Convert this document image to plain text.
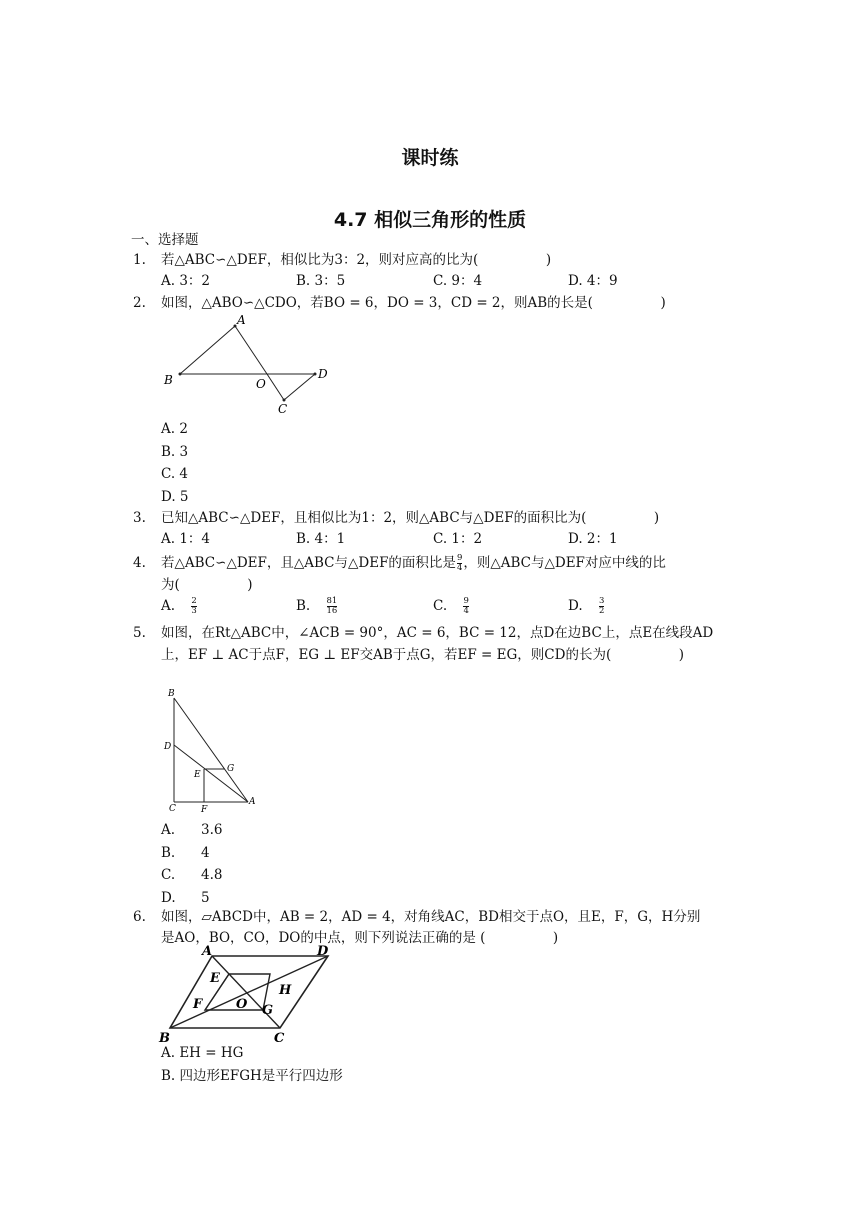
课时练
4.7 相似三角形的性质
一、选择题
1.	若△ABC∽△DEF，相似比为3：2，则对应高的比为(　　　　　)
A. 3：2	B. 3：5	C. 9：4	D. 4：9
2.	如图，△ABO∽△CDO，若BO = 6，DO = 3，CD = 2，则AB的长是(　　　　　)
A
B	O
D
C
A. 2
B. 3
C. 4
D. 5
3.	已知△ABC∽△DEF，且相似比为1：2，则△ABC与△DEF的面积比为(　　　　　)
A. 1：4	B. 4：1	C. 1：2	D. 2：1
4.	若△ABC∽△DEF，且△ABC与△DEF的面积比是 $\frac{9}{4}$ ，则△ABC与△DEF对应中线的比
为(　　　　　)
A. $\frac{2}{3}$	B. $\frac{81}{16}$	C. $\frac{9}{4}$	D. $\frac{3}{2}$
5.	如图，在Rt△ABC中，∠ACB = 90°，AC = 6，BC = 12，点D在边BC上，点E在线段AD
上，EF ⊥ AC于点F，EG ⊥ EF交AB于点G，若EF = EG，则CD的长为(　　　　　)
B
D
E
G
C	F
A
A. 3.6
B. 4
C. 4.8
D. 5
6.	如图，▱ABCD中，AB = 2，AD = 4，对角线AC，BD相交于点O，且E，F，G，H分别
是AO，BO，CO，DO的中点，则下列说法正确的是 (　　　　　)
A	D
E
H
F	O G
B	C
A. EH = HG
B. 四边形EFGH是平行四边形
